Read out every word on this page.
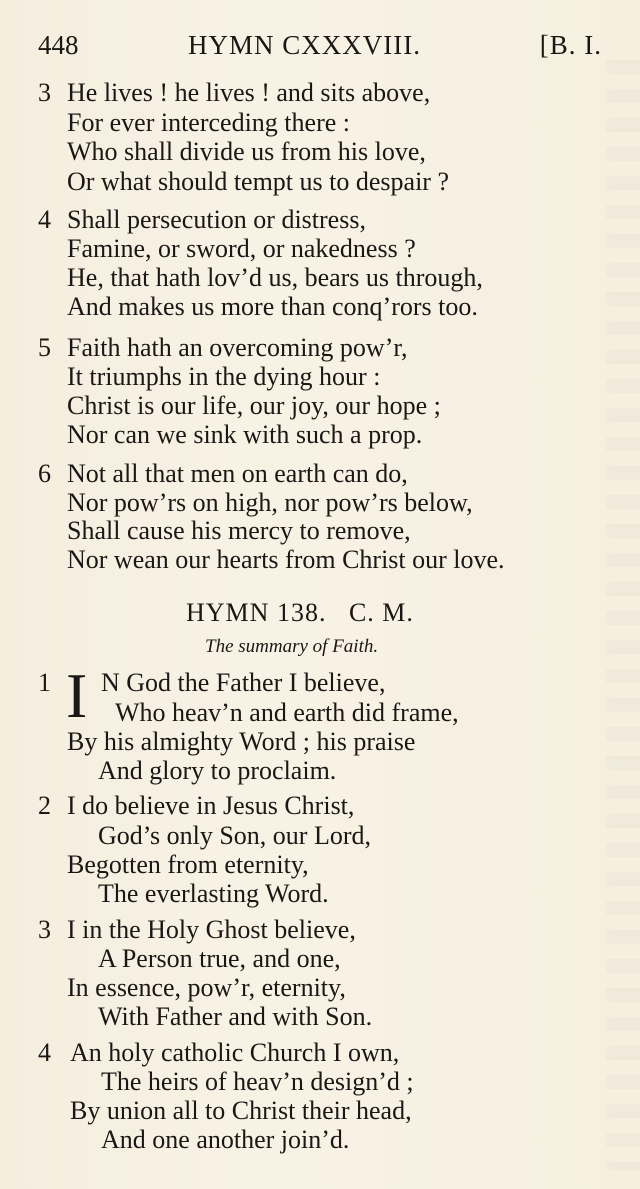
448	HYMN CXXXVIII.	[B. I.
3 He lives ! he lives ! and sits above,
For ever interceding there :
Who shall divide us from his love,
Or what should tempt us to despair ?
4 Shall persecution or distress,
Famine, or sword, or nakedness ?
He, that hath lov’d us, bears us through,
And makes us more than conq’rors too.
5 Faith hath an overcoming pow’r,
It triumphs in the dying hour :
Christ is our life, our joy, our hope ;
Nor can we sink with such a prop.
6 Not all that men on earth can do,
Nor pow’rs on high, nor pow’rs below,
Shall cause his mercy to remove,
Nor wean our hearts from Christ our love.
HYMN 138.   C. M.
The summary of Faith.
1 N God the Father I believe,
Who heav’n and earth did frame,
By his almighty Word ; his praise
And glory to proclaim.
I
2 I do believe in Jesus Christ,
God’s only Son, our Lord,
Begotten from eternity,
The everlasting Word.
3 I in the Holy Ghost believe,
A Person true, and one,
In essence, pow’r, eternity,
With Father and with Son.
4 An holy catholic Church I own,
The heirs of heav’n design’d ;
By union all to Christ their head,
And one another join’d.
